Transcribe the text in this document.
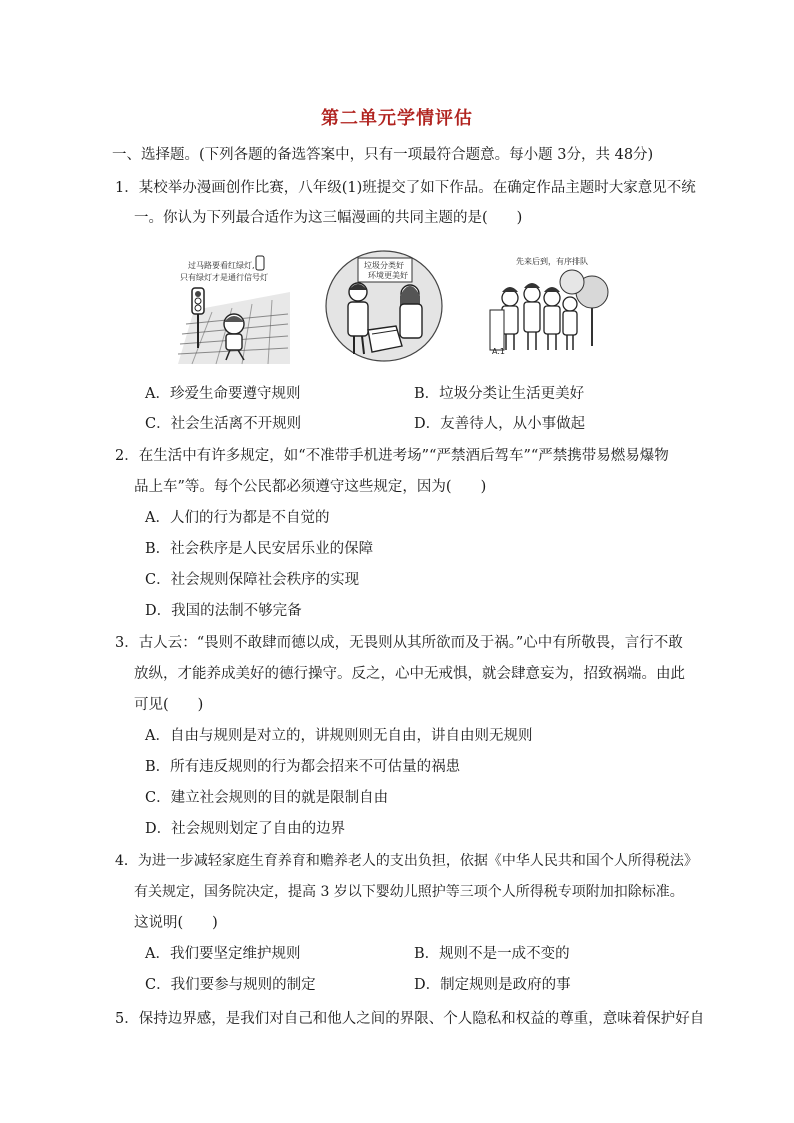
第二单元学情评估
一、选择题。(下列各题的备选答案中，只有一项最符合题意。每小题 3分，共 48分)
1．某校举办漫画创作比赛，八年级(1)班提交了如下作品。在确定作品主题时大家意见不统
一。你认为下列最合适作为这三幅漫画的共同主题的是(　　)
过马路要看红绿灯,
只有绿灯才是通行信号灯
垃圾分类好
环境更美好
先来后到，有序排队
A.1
A．珍爱生命要遵守规则	B．垃圾分类让生活更美好
C．社会生活离不开规则	D．友善待人，从小事做起
2．在生活中有许多规定，如“不准带手机进考场”“严禁酒后驾车”“严禁携带易燃易爆物
品上车”等。每个公民都必须遵守这些规定，因为(　　)
A．人们的行为都是不自觉的
B．社会秩序是人民安居乐业的保障
C．社会规则保障社会秩序的实现
D．我国的法制不够完备
3．古人云：“畏则不敢肆而德以成，无畏则从其所欲而及于祸。”心中有所敬畏，言行不敢
放纵，才能养成美好的德行操守。反之，心中无戒惧，就会肆意妄为，招致祸端。由此
可见(　　)
A．自由与规则是对立的，讲规则则无自由，讲自由则无规则
B．所有违反规则的行为都会招来不可估量的祸患
C．建立社会规则的目的就是限制自由
D．社会规则划定了自由的边界
4．为进一步减轻家庭生育养育和赡养老人的支出负担，依据《中华人民共和国个人所得税法》
有关规定，国务院决定，提高 3 岁以下婴幼儿照护等三项个人所得税专项附加扣除标准。
这说明(　　)
A．我们要坚定维护规则	B．规则不是一成不变的
C．我们要参与规则的制定	D．制定规则是政府的事
5．保持边界感，是我们对自己和他人之间的界限、个人隐私和权益的尊重，意味着保护好自
